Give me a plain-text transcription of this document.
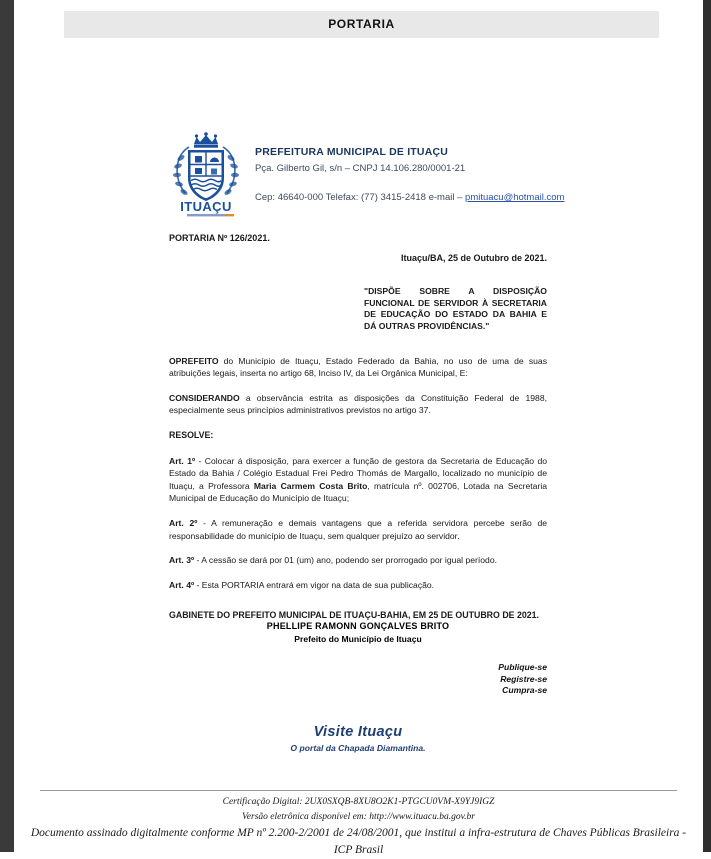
PORTARIA
ITUAÇU
PREFEITURA MUNICIPAL DE ITUAÇU
Pça. Gilberto Gil, s/n – CNPJ 14.106.280/0001-21
Cep: 46640-000 Telefax: (77) 3415-2418 e-mail – pmituacu@hotmail.com
PORTARIA Nº 126/2021.
Ituaçu/BA, 25 de Outubro de 2021.
"DISPÕE SOBRE A DISPOSIÇÃO FUNCIONAL DE SERVIDOR À SECRETARIA DE EDUCAÇÃO DO ESTADO DA BAHIA E DÁ OUTRAS PROVIDÊNCIAS."

OPREFEITO do Município de Ituaçu, Estado Federado da Bahia, no uso de uma de suas atribuições legais, inserta no artigo 68, Inciso IV, da Lei Orgânica Municipal, E:

CONSIDERANDO a observância estrita as disposições da Constituição Federal de 1988, especialmente seus princípios administrativos previstos no artigo 37.

RESOLVE:

Art. 1º - Colocar á disposição, para exercer a função de gestora da Secretaria de Educação do Estado da Bahia / Colégio Estadual Frei Pedro Thomás de Margallo, localizado no município de Ituaçu, a Professora Maria Carmem Costa Brito, matrícula nº. 002706, Lotada na Secretaria Municipal de Educação do Município de Ituaçu;

Art. 2º - A remuneração e demais vantagens que a referida servidora percebe serão de responsabilidade do município de Ituaçu, sem qualquer prejuízo ao servidor.

Art. 3º - A cessão se dará por 01 (um) ano, podendo ser prorrogado por igual período.

Art. 4º - Esta PORTARIA entrará em vigor na data de sua publicação.

GABINETE DO PREFEITO MUNICIPAL DE ITUAÇU-BAHIA, EM 25 DE OUTUBRO DE 2021.
PHELLIPE RAMONN GONÇALVES BRITO
Prefeito do Município de Ituaçu
Publique-se
Registre-se
Cumpra-se
Visite Ituaçu
O portal da Chapada Diamantina.
Certificação Digital: 2UX0SXQB-8XU8O2K1-PTGCU0VM-X9YJ9IGZ
Versão eletrônica disponível em: http://www.ituacu.ba.gov.br
Documento assinado digitalmente conforme MP nº 2.200-2/2001 de 24/08/2001, que institui a infra-estrutura de Chaves Públicas Brasileira - ICP Brasil
